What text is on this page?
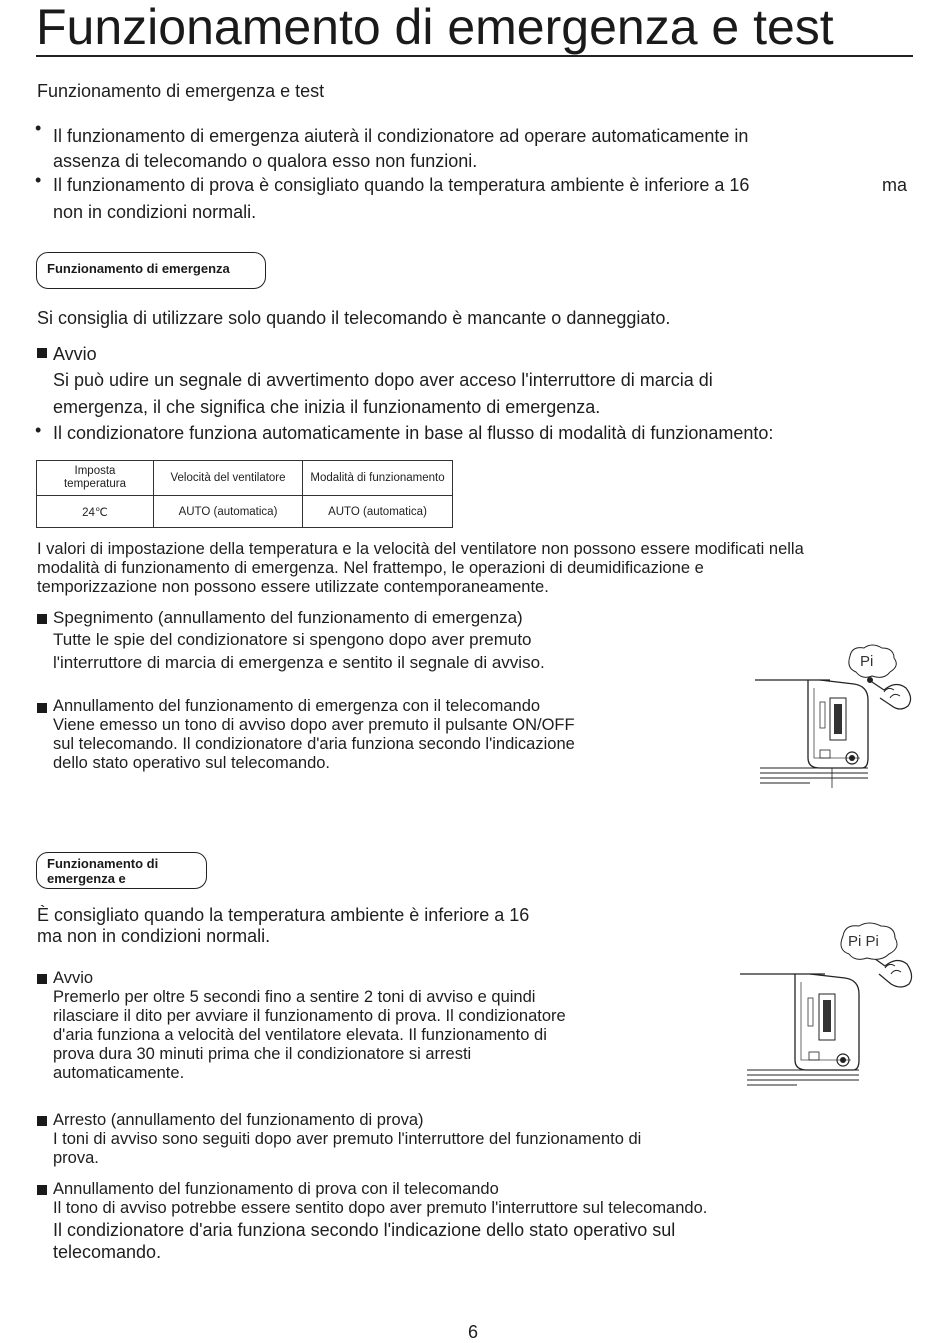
Funzionamento di emergenza e test
Funzionamento di emergenza e test
• Il funzionamento di emergenza aiuterà il condizionatore ad operare automaticamente in
assenza di telecomando o qualora esso non funzioni.
• Il funzionamento di prova è consigliato quando la temperatura ambiente è inferiore a 16	ma
non in condizioni normali.
Funzionamento di emergenza
Si consiglia di utilizzare solo quando il telecomando è mancante o danneggiato.
Avvio
Si può udire un segnale di avvertimento dopo aver acceso l'interruttore di marcia di
emergenza, il che significa che inizia il funzionamento di emergenza.
• Il condizionatore funziona automaticamente in base al flusso di modalità di funzionamento:
Imposta
temperatura	Velocità del ventilatore	Modalità di funzionamento
24℃	AUTO (automatica)	AUTO (automatica)
I valori di impostazione della temperatura e la velocità del ventilatore non possono essere modificati nella
modalità di funzionamento di emergenza. Nel frattempo, le operazioni di deumidificazione e
temporizzazione non possono essere utilizzate contemporaneamente.
Spegnimento (annullamento del funzionamento di emergenza)
Tutte le spie del condizionatore si spengono dopo aver premuto
l'interruttore di marcia di emergenza e sentito il segnale di avviso.
Annullamento del funzionamento di emergenza con il telecomando
Viene emesso un tono di avviso dopo aver premuto il pulsante ON/OFF
sul telecomando. Il condizionatore d'aria funziona secondo l'indicazione
dello stato operativo sul telecomando.
Pi
Funzionamento di
emergenza e
È consigliato quando la temperatura ambiente è inferiore a 16
ma non in condizioni normali.
Avvio
Premerlo per oltre 5 secondi fino a sentire 2 toni di avviso e quindi
rilasciare il dito per avviare il funzionamento di prova. Il condizionatore
d'aria funziona a velocità del ventilatore elevata. Il funzionamento di
prova dura 30 minuti prima che il condizionatore si arresti
automaticamente.
Pi Pi
Arresto (annullamento del funzionamento di prova)
I toni di avviso sono seguiti dopo aver premuto l'interruttore del funzionamento di
prova.
Annullamento del funzionamento di prova con il telecomando
Il tono di avviso potrebbe essere sentito dopo aver premuto l'interruttore sul telecomando.
Il condizionatore d'aria funziona secondo l'indicazione dello stato operativo sul
telecomando.
6
